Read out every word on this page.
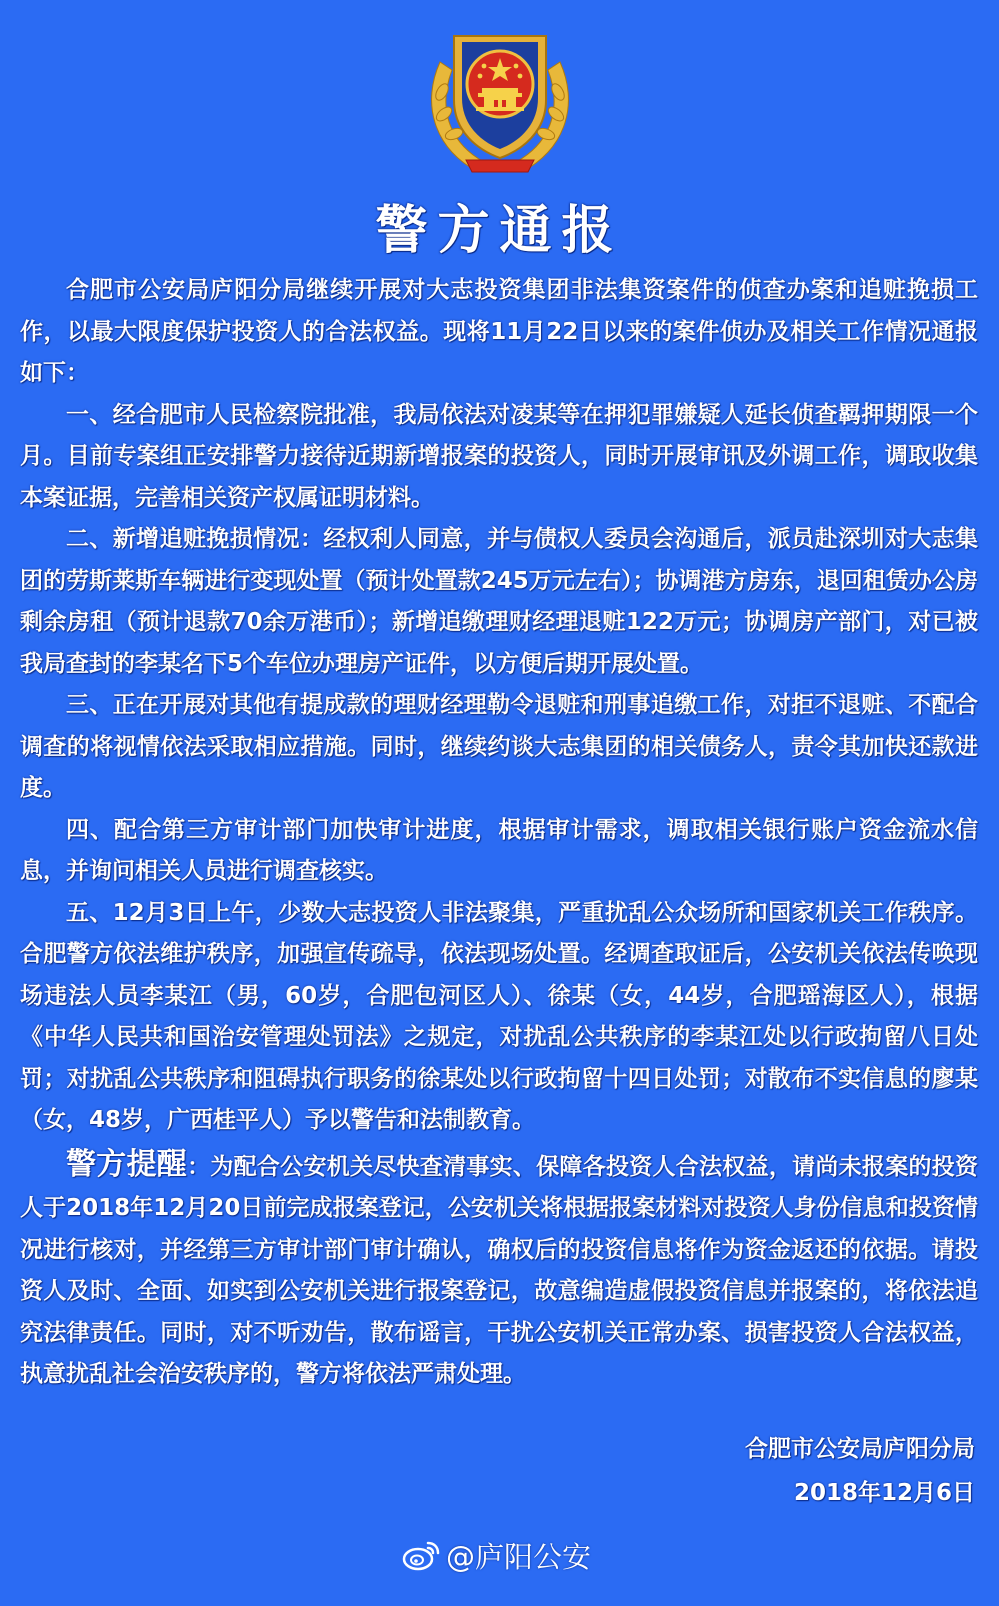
警方通报

合肥市公安局庐阳分局继续开展对大志投资集团非法集资案件的侦查办案和追赃挽损工作，以最大限度保护投资人的合法权益。现将11月22日以来的案件侦办及相关工作情况通报如下：

一、经合肥市人民检察院批准，我局依法对凌某等在押犯罪嫌疑人延长侦查羁押期限一个月。目前专案组正安排警力接待近期新增报案的投资人，同时开展审讯及外调工作，调取收集本案证据，完善相关资产权属证明材料。

二、新增追赃挽损情况：经权利人同意，并与债权人委员会沟通后，派员赴深圳对大志集团的劳斯莱斯车辆进行变现处置（预计处置款245万元左右）；协调港方房东，退回租赁办公房剩余房租（预计退款70余万港币）；新增追缴理财经理退赃122万元；协调房产部门，对已被我局查封的李某名下5个车位办理房产证件，以方便后期开展处置。

三、正在开展对其他有提成款的理财经理勒令退赃和刑事追缴工作，对拒不退赃、不配合调查的将视情依法采取相应措施。同时，继续约谈大志集团的相关债务人，责令其加快还款进度。

四、配合第三方审计部门加快审计进度，根据审计需求，调取相关银行账户资金流水信息，并询问相关人员进行调查核实。

五、12月3日上午，少数大志投资人非法聚集，严重扰乱公众场所和国家机关工作秩序。合肥警方依法维护秩序，加强宣传疏导，依法现场处置。经调查取证后，公安机关依法传唤现场违法人员李某江（男，60岁，合肥包河区人）、徐某（女，44岁，合肥瑶海区人），根据《中华人民共和国治安管理处罚法》之规定，对扰乱公共秩序的李某江处以行政拘留八日处罚；对扰乱公共秩序和阻碍执行职务的徐某处以行政拘留十四日处罚；对散布不实信息的廖某（女，48岁，广西桂平人）予以警告和法制教育。

警方提醒：为配合公安机关尽快查清事实、保障各投资人合法权益，请尚未报案的投资人于2018年12月20日前完成报案登记，公安机关将根据报案材料对投资人身份信息和投资情况进行核对，并经第三方审计部门审计确认，确权后的投资信息将作为资金返还的依据。请投资人及时、全面、如实到公安机关进行报案登记，故意编造虚假投资信息并报案的，将依法追究法律责任。同时，对不听劝告，散布谣言，干扰公安机关正常办案、损害投资人合法权益，执意扰乱社会治安秩序的，警方将依法严肃处理。

合肥市公安局庐阳分局
2018年12月6日
@庐阳公安
